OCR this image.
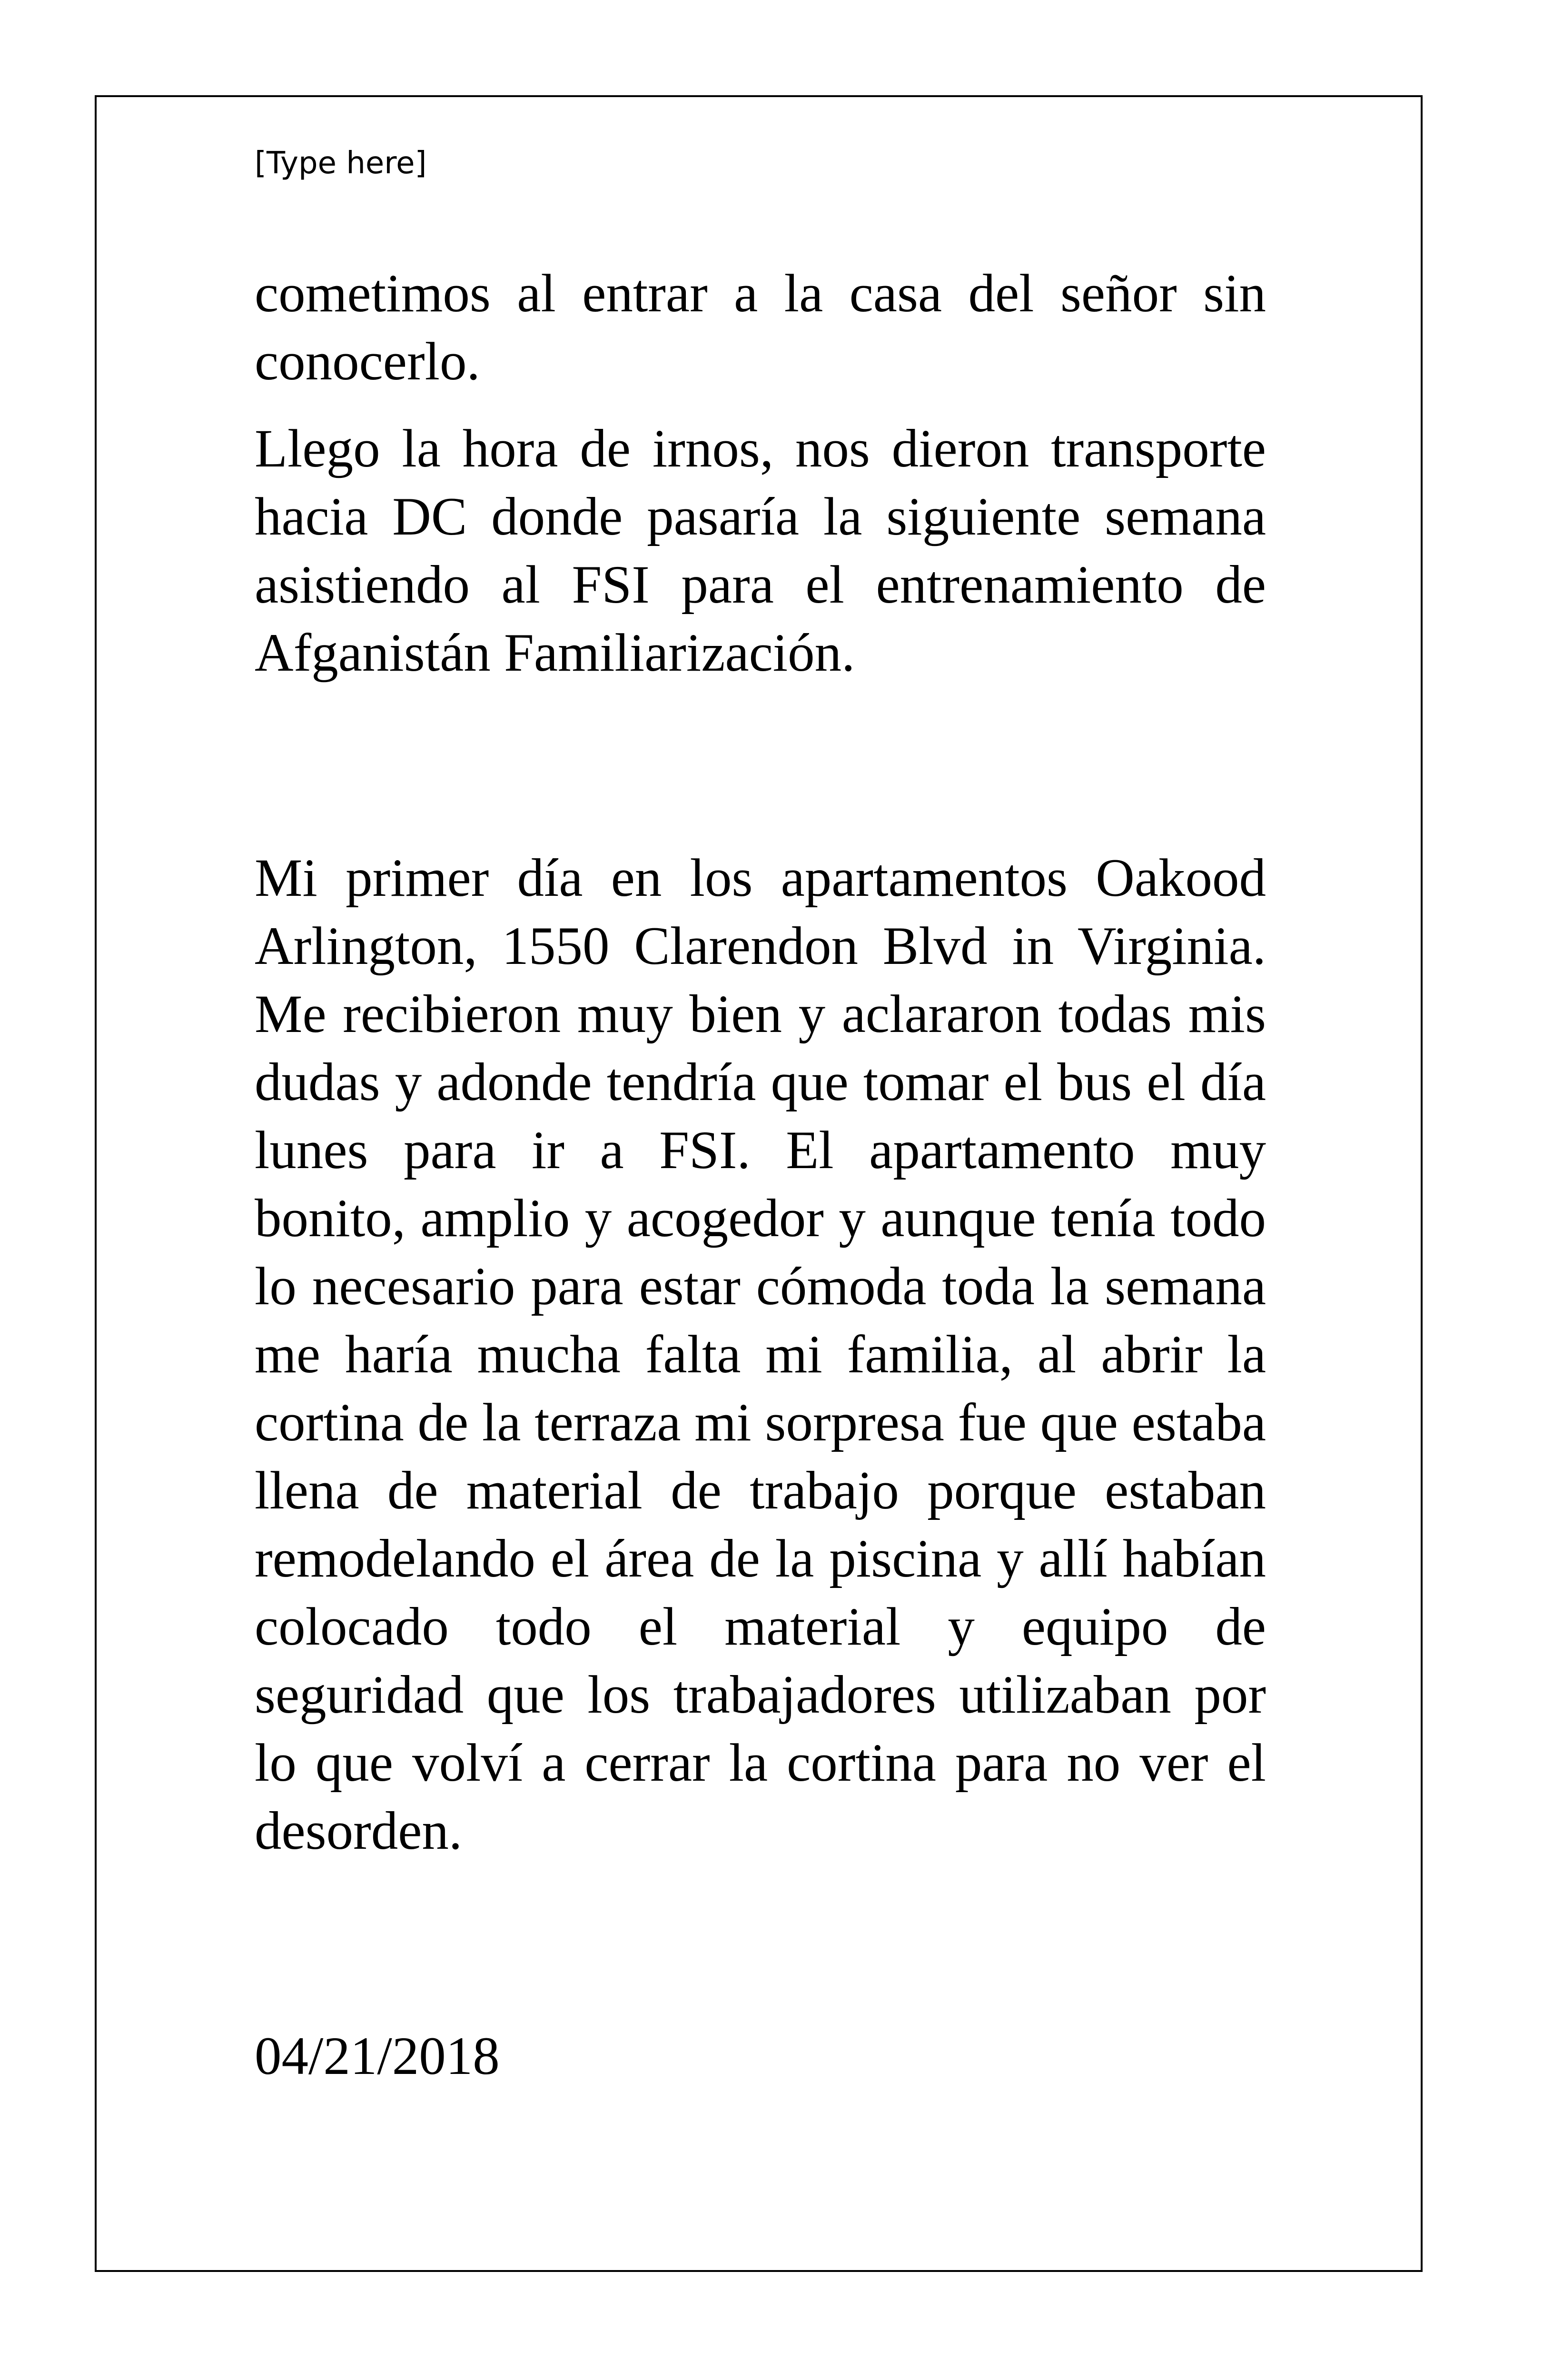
[Type here]

cometimos al entrar a la casa del señor sin conocerlo.

Llego la hora de irnos, nos dieron transporte hacia DC donde pasaría la siguiente semana asistiendo al FSI para el entrenamiento de Afganistán Familiarización.

Mi primer día en los apartamentos Oakood Arlington, 1550 Clarendon Blvd in Virginia. Me recibieron muy bien y aclararon todas mis dudas y adonde tendría que tomar el bus el día lunes para ir a FSI. El apartamento muy bonito, amplio y acogedor y aunque tenía todo lo necesario para estar cómoda toda la semana me haría mucha falta mi familia, al abrir la cortina de la terraza mi sorpresa fue que estaba llena de material de trabajo porque estaban remodelando el área de la piscina y allí habían colocado todo el material y equipo de seguridad que los trabajadores utilizaban por lo que volví a cerrar la cortina para no ver el desorden.

04/21/2018
